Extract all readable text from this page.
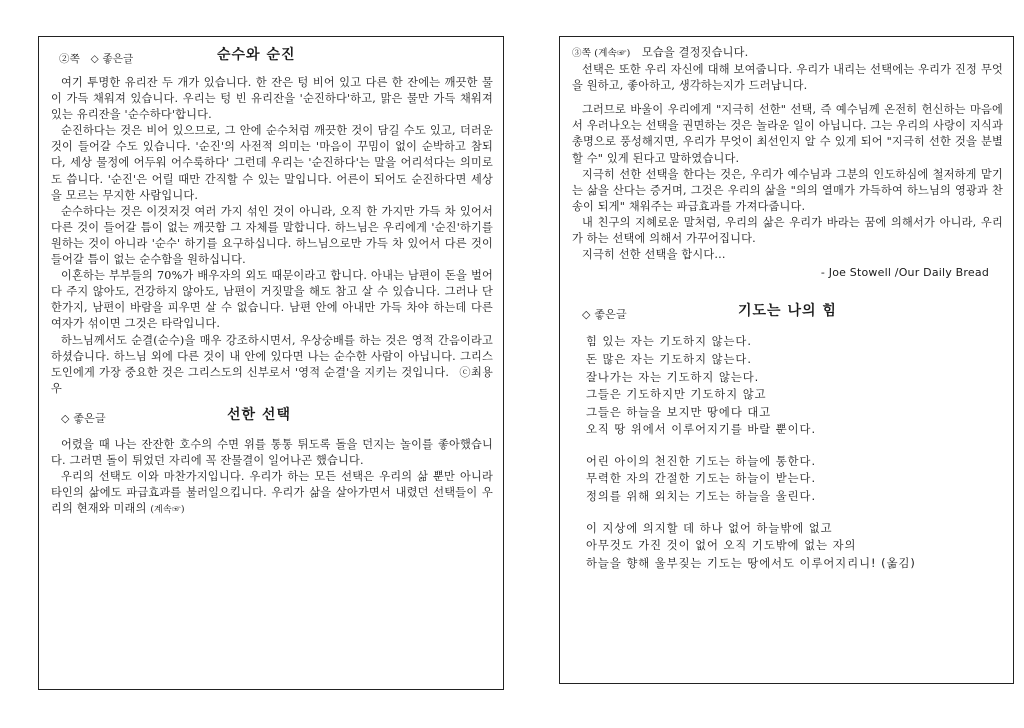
②쪽 ◇ 좋은글	순수와 순진

여기 투명한 유리잔 두 개가 있습니다. 한 잔은 텅 비어 있고 다른 한 잔에는 깨끗한 물이 가득 채워져 있습니다. 우리는 텅 빈 유리잔을 '순진하다'하고, 맑은 물만 가득 채워져 있는 유리잔을 '순수하다'합니다.

순진하다는 것은 비어 있으므로, 그 안에 순수처럼 깨끗한 것이 담길 수도 있고, 더러운 것이 들어갈 수도 있습니다. '순진'의 사전적 의미는 '마음이 꾸밈이 없이 순박하고 참되다, 세상 물정에 어두워 어수룩하다' 그런데 우리는 '순진하다'는 말을 어리석다는 의미로도 씁니다. '순진'은 어릴 때만 간직할 수 있는 말입니다. 어른이 되어도 순진하다면 세상을 모르는 무지한 사람입니다.

순수하다는 것은 이것저것 여러 가지 섞인 것이 아니라, 오직 한 가지만 가득 차 있어서 다른 것이 들어갈 틈이 없는 깨끗함 그 자체를 말합니다. 하느님은 우리에게 '순진'하기를 원하는 것이 아니라 '순수' 하기를 요구하십니다. 하느님으로만 가득 차 있어서 다른 것이 들어갈 틈이 없는 순수함을 원하십니다.

이혼하는 부부들의 70%가 배우자의 외도 때문이라고 합니다. 아내는 남편이 돈을 벌어다 주지 않아도, 건강하지 않아도, 남편이 거짓말을 해도 참고 살 수 있습니다. 그러나 단 한가지, 남편이 바람을 피우면 살 수 없습니다. 남편 안에 아내만 가득 차야 하는데 다른 여자가 섞이면 그것은 타락입니다.

하느님께서도 순결(순수)을 매우 강조하시면서, 우상숭배를 하는 것은 영적 간음이라고 하셨습니다. 하느님 외에 다른 것이 내 안에 있다면 나는 순수한 사람이 아닙니다. 그리스도인에게 가장 중요한 것은 그리스도의 신부로서 '영적 순결'을 지키는 것입니다. ⓒ최용우

◇ 좋은글	선한 선택

어렸을 때 나는 잔잔한 호수의 수면 위를 통통 튀도록 돌을 던지는 놀이를 좋아했습니다. 그러면 돌이 튀었던 자리에 꼭 잔물결이 일어나곤 했습니다.

우리의 선택도 이와 마찬가지입니다. 우리가 하는 모든 선택은 우리의 삶 뿐만 아니라 타인의 삶에도 파급효과를 불러일으킵니다. 우리가 삶을 살아가면서 내렸던 선택들이 우리의 현재와 미래의 (계속☞)

③쪽 (계속☞) 모습을 결정짓습니다.

선택은 또한 우리 자신에 대해 보여줍니다. 우리가 내리는 선택에는 우리가 진정 무엇을 원하고, 좋아하고, 생각하는지가 드러납니다.

그러므로 바울이 우리에게 "지극히 선한" 선택, 즉 예수님께 온전히 헌신하는 마음에서 우러나오는 선택을 권면하는 것은 놀라운 일이 아닙니다. 그는 우리의 사랑이 지식과 총명으로 풍성해지면, 우리가 무엇이 최선인지 알 수 있게 되어 "지극히 선한 것을 분별할 수" 있게 된다고 말하였습니다.

지극히 선한 선택을 한다는 것은, 우리가 예수님과 그분의 인도하심에 철저하게 맡기는 삶을 산다는 증거며, 그것은 우리의 삶을 "의의 열매가 가득하여 하느님의 영광과 찬송이 되게" 채워주는 파급효과를 가져다줍니다.

내 친구의 지혜로운 말처럼, 우리의 삶은 우리가 바라는 꿈에 의해서가 아니라, 우리가 하는 선택에 의해서 가꾸어집니다.

지극히 선한 선택을 합시다...

- Joe Stowell /Our Daily Bread
◇ 좋은글	기도는 나의 힘
힘 있는 자는 기도하지 않는다.
돈 많은 자는 기도하지 않는다.
잘나가는 자는 기도하지 않는다.
그들은 기도하지만 기도하지 않고
그들은 하늘을 보지만 땅에다 대고
오직 땅 위에서 이루어지기를 바랄 뿐이다.
어린 아이의 천진한 기도는 하늘에 통한다.
무력한 자의 간절한 기도는 하늘이 받는다.
정의를 위해 외치는 기도는 하늘을 울린다.
이 지상에 의지할 데 하나 없어 하늘밖에 없고
아무것도 가진 것이 없어 오직 기도밖에 없는 자의
하늘을 향해 울부짖는 기도는 땅에서도 이루어지리니! (옮김)
